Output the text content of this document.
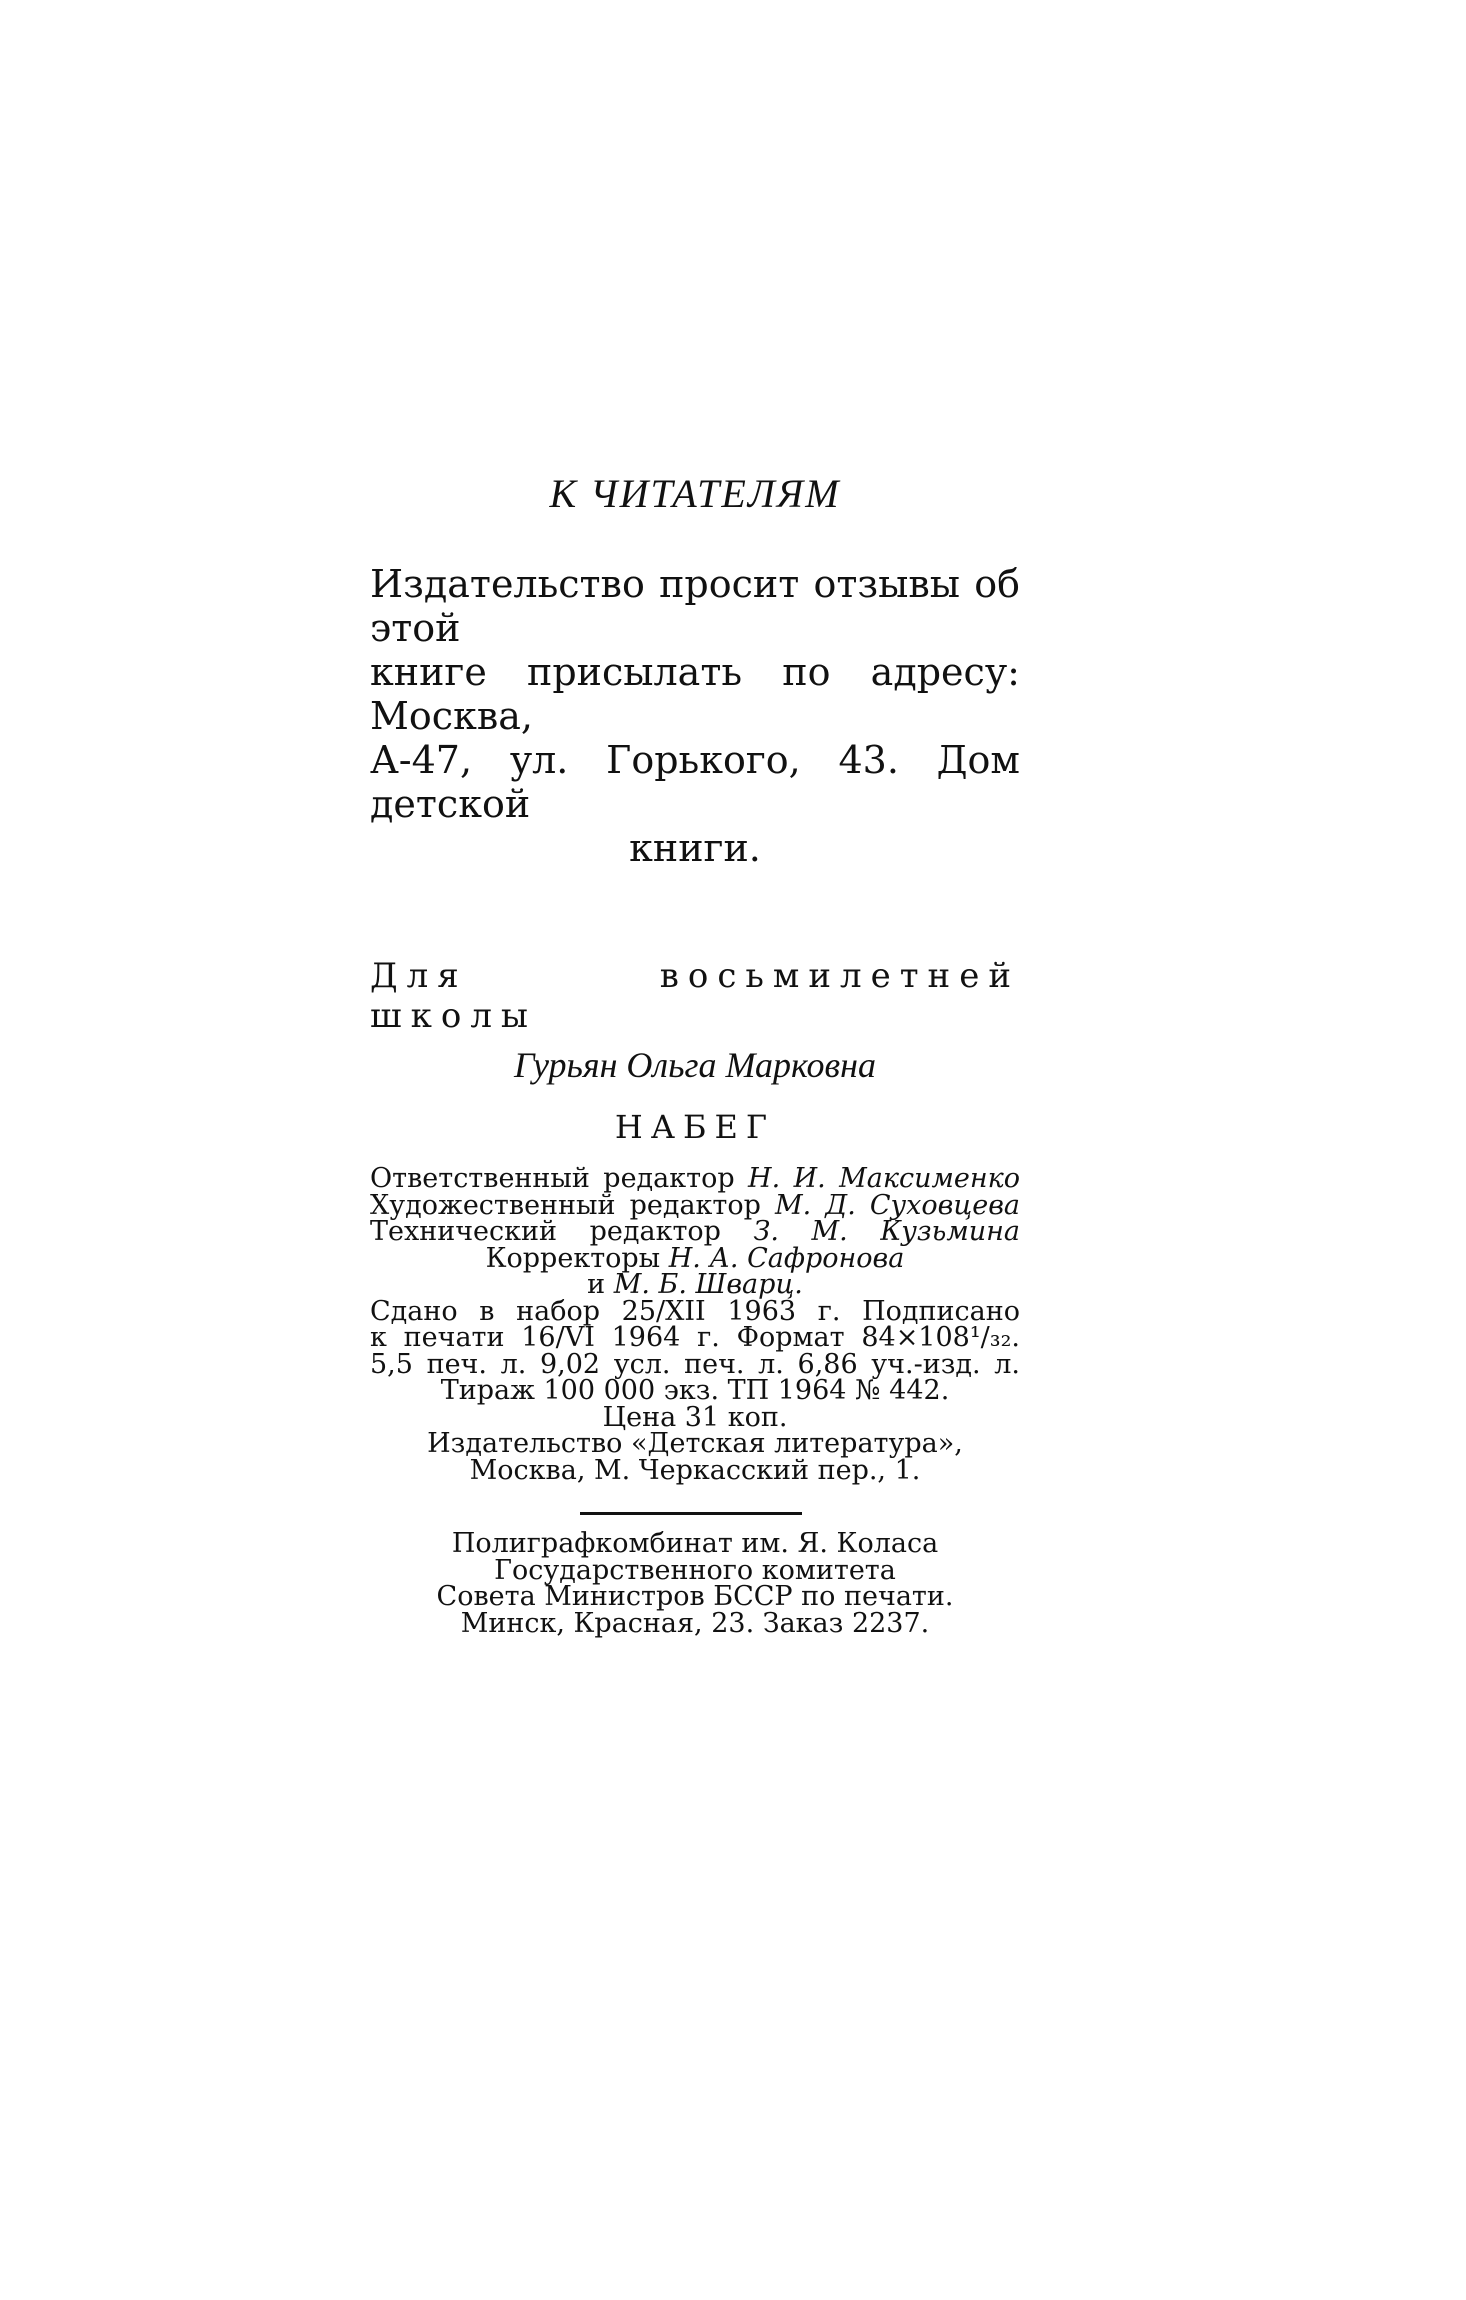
К ЧИТАТЕЛЯМ
Издательство просит отзывы об этой
книге присылать по адресу: Москва,
А-47, ул. Горького, 43. Дом детской
книги.
Для восьмилетней школы
Гурьян Ольга Марковна
НАБЕГ
Ответственный редактор Н. И. Максименко
Художественный редактор М. Д. Суховцева
Технический редактор З. М. Кузьмина
Корректоры Н. А. Сафронова
и М. Б. Шварц.
Сдано в набор 25/XII 1963 г. Подписано
к печати 16/VI 1964 г. Формат 84×108¹/₃₂.
5,5 печ. л. 9,02 усл. печ. л. 6,86 уч.-изд. л.
Тираж 100 000 экз. ТП 1964 № 442.
Цена 31 коп.
Издательство «Детская литература»,
Москва, М. Черкасский пер., 1.
Полиграфкомбинат им. Я. Коласа
Государственного комитета
Совета Министров БССР по печати.
Минск, Красная, 23. Заказ 2237.
